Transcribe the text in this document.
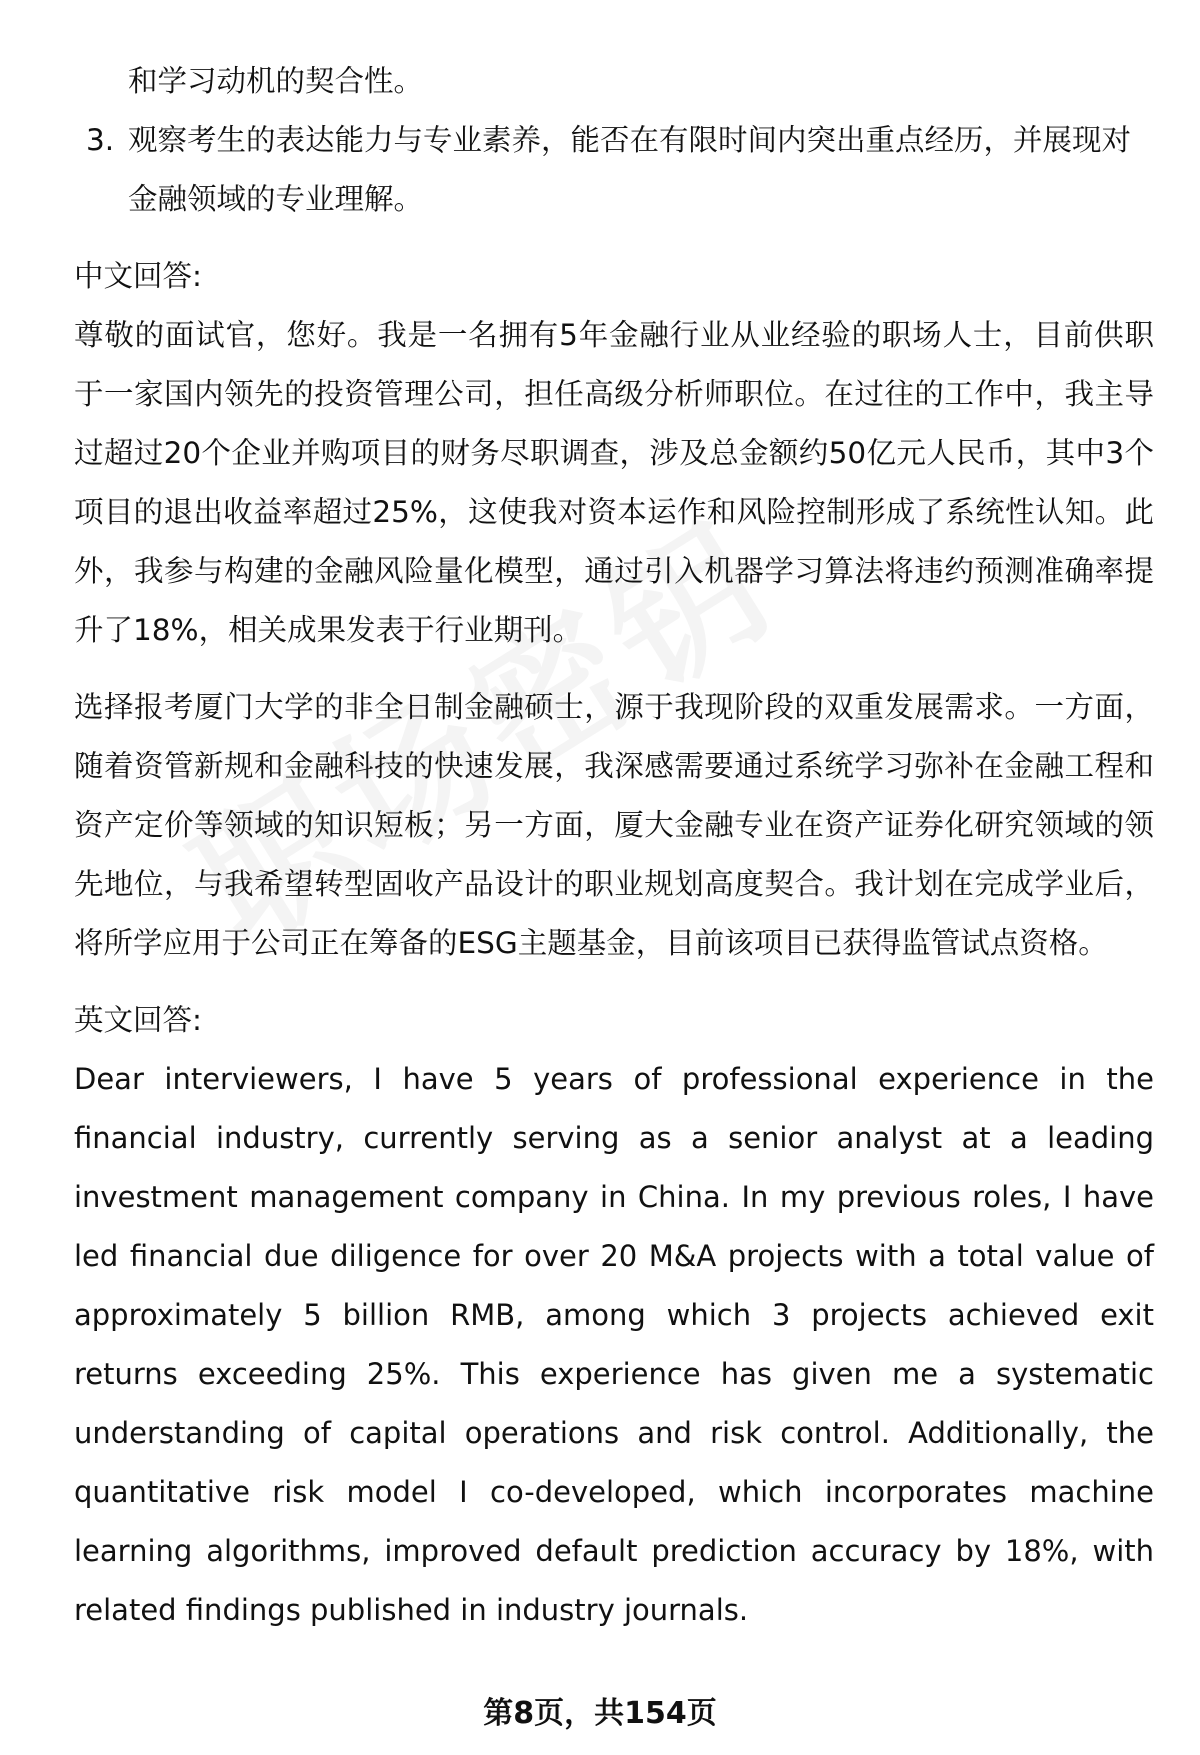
和学习动机的契合性。
3. 观察考生的表达能力与专业素养，能否在有限时间内突出重点经历，并展现对金融领域的专业理解。
中文回答:
尊敬的面试官，您好。我是一名拥有5年金融行业从业经验的职场人士，目前供职于一家国内领先的投资管理公司，担任高级分析师职位。在过往的工作中，我主导过超过20个企业并购项目的财务尽职调查，涉及总金额约50亿元人民币，其中3个项目的退出收益率超过25%，这使我对资本运作和风险控制形成了系统性认知。此外，我参与构建的金融风险量化模型，通过引入机器学习算法将违约预测准确率提升了18%，相关成果发表于行业期刊。
选择报考厦门大学的非全日制金融硕士，源于我现阶段的双重发展需求。一方面，随着资管新规和金融科技的快速发展，我深感需要通过系统学习弥补在金融工程和资产定价等领域的知识短板；另一方面，厦大金融专业在资产证券化研究领域的领先地位，与我希望转型固收产品设计的职业规划高度契合。我计划在完成学业后，将所学应用于公司正在筹备的ESG主题基金，目前该项目已获得监管试点资格。
英文回答:
Dear interviewers, I have 5 years of professional experience in the financial industry, currently serving as a senior analyst at a leading investment management company in China. In my previous roles, I have led financial due diligence for over 20 M&A projects with a total value of approximately 5 billion RMB, among which 3 projects achieved exit returns exceeding 25%. This experience has given me a systematic understanding of capital operations and risk control. Additionally, the quantitative risk model I co-developed, which incorporates machine learning algorithms, improved default prediction accuracy by 18%, with related findings published in industry journals.
第8页，共154页
